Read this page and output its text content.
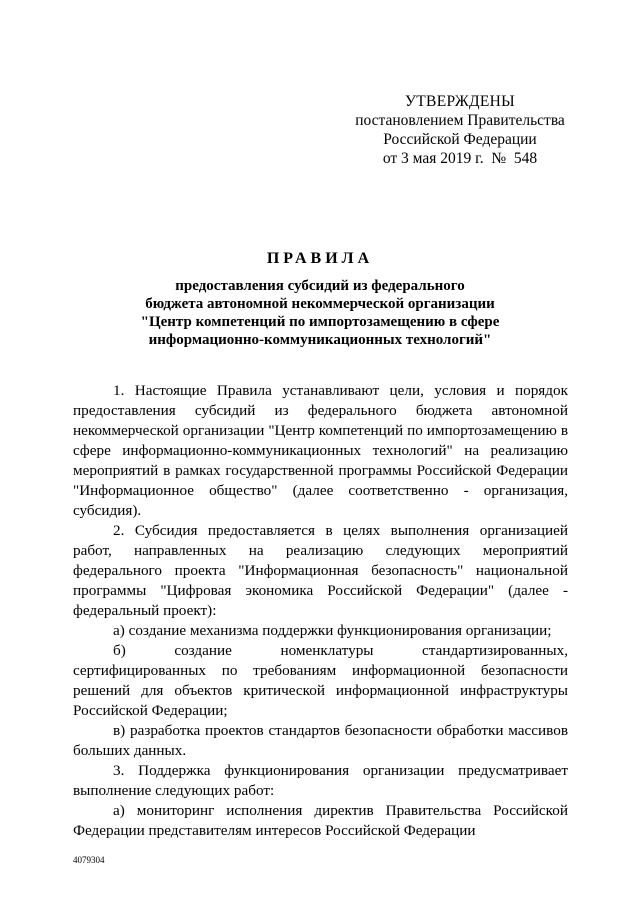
УТВЕРЖДЕНЫ
постановлением Правительства
Российской Федерации
от 3 мая 2019 г.  №  548
ПРАВИЛА
предоставления субсидий из федерального
бюджета автономной некоммерческой организации
"Центр компетенций по импортозамещению в сфере
информационно-коммуникационных технологий"

1. Настоящие Правила устанавливают цели, условия и порядок предоставления субсидий из федерального бюджета автономной некоммерческой организации "Центр компетенций по импортозамещению в сфере информационно-коммуникационных технологий" на реализацию мероприятий в рамках государственной программы Российской Федерации "Информационное общество" (далее соответственно - организация, субсидия).

2. Субсидия предоставляется в целях выполнения организацией работ, направленных на реализацию следующих мероприятий федерального проекта "Информационная безопасность" национальной программы "Цифровая экономика Российской Федерации" (далее - федеральный проект):

а) создание механизма поддержки функционирования организации;

б) создание номенклатуры стандартизированных, сертифицированных по требованиям информационной безопасности решений для объектов критической информационной инфраструктуры Российской Федерации;

в) разработка проектов стандартов безопасности обработки массивов больших данных.

3. Поддержка функционирования организации предусматривает выполнение следующих работ:

а) мониторинг исполнения директив Правительства Российской Федерации представителям интересов Российской Федерации

4079304
